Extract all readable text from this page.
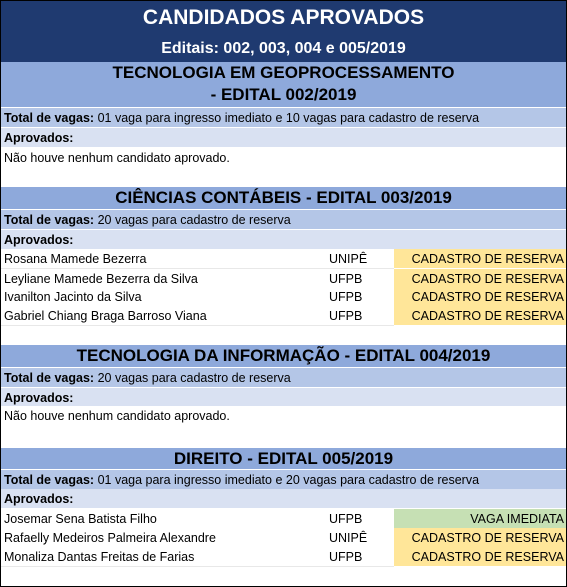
CANDIDADOS APROVADOS
Editais: 002, 003, 004 e 005/2019
TECNOLOGIA EM GEOPROCESSAMENTO
- EDITAL 002/2019
Total de vagas: 01 vaga para ingresso imediato e 10 vagas para cadastro de reserva
Aprovados:
Não houve nenhum candidato aprovado.
CIÊNCIAS CONTÁBEIS - EDITAL 003/2019
Total de vagas: 20 vagas para cadastro de reserva
Aprovados:
Rosana Mamede Bezerra	UNIPÊ	CADASTRO DE RESERVA
Leyliane Mamede Bezerra da Silva	UFPB	CADASTRO DE RESERVA
Ivanilton Jacinto da Silva	UFPB	CADASTRO DE RESERVA
Gabriel Chiang Braga Barroso Viana	UFPB	CADASTRO DE RESERVA
TECNOLOGIA DA INFORMAÇÃO - EDITAL 004/2019
Total de vagas: 20 vagas para cadastro de reserva
Aprovados:
Não houve nenhum candidato aprovado.
DIREITO - EDITAL 005/2019
Total de vagas: 01 vaga para ingresso imediato e 20 vagas para cadastro de reserva
Aprovados:
Josemar Sena Batista Filho	UFPB	VAGA IMEDIATA
Rafaelly Medeiros Palmeira Alexandre	UNIPÊ	CADASTRO DE RESERVA
Monaliza Dantas Freitas de Farias	UFPB	CADASTRO DE RESERVA
